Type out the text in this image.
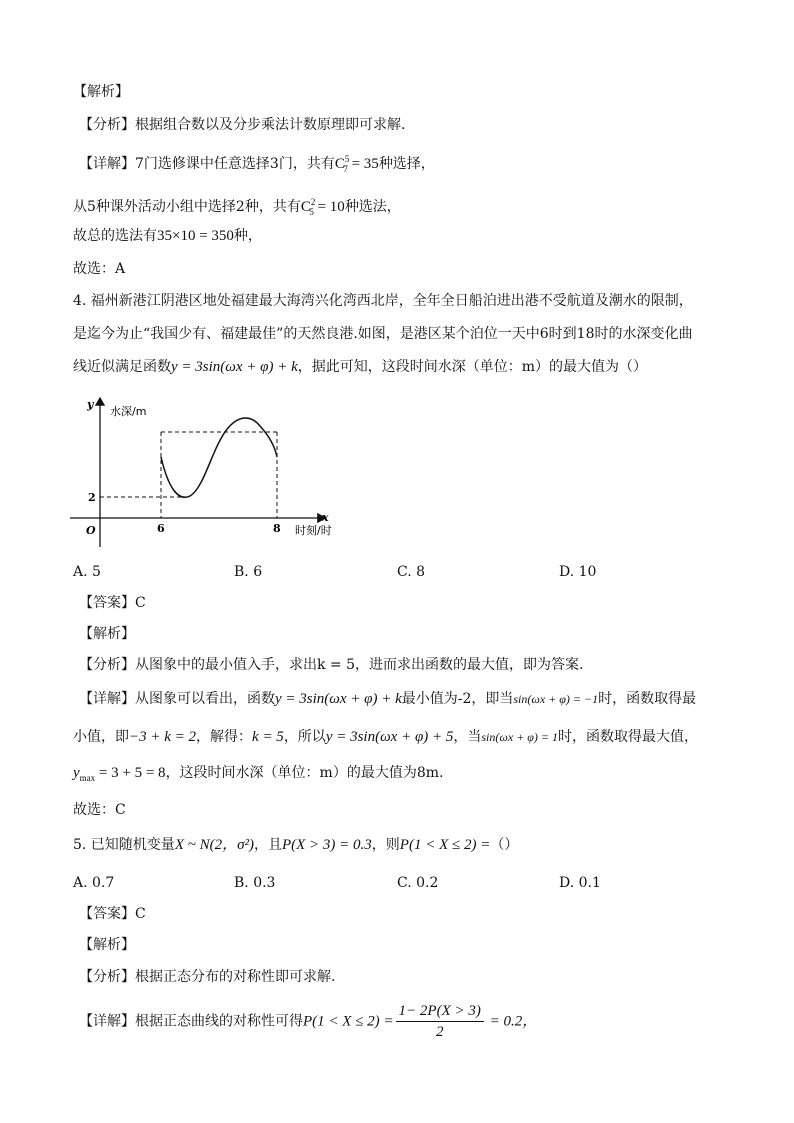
【解析】
【分析】根据组合数以及分步乘法计数原理即可求解.
【详解】7门选修课中任意选择3门，共有$C^5_7 = 35$种选择，
从5种课外活动小组中选择2种，共有$C^2_5 = 10$种选法，
故总的选法有35×10 = 350种，
故选：A
4. 福州新港江阴港区地处福建最大海湾兴化湾西北岸，全年全日船泊进出港不受航道及潮水的限制，
是迄今为止“我国少有、福建最佳”的天然良港.如图，是港区某个泊位一天中6时到18时的水深变化曲
线近似满足函数y = 3sin(ωx + φ) + k，据此可知，这段时间水深（单位：m）的最大值为（）
y
水深/m
x
时刻/时
O
2
6	8
A. 5	B. 6	C. 8	D. 10
【答案】C
【解析】
【分析】从图象中的最小值入手，求出k = 5，进而求出函数的最大值，即为答案.
【详解】从图象可以看出，函数y = 3sin(ωx + φ) + k最小值为-2，即当sin(ωx + φ) = −1时，函数取得最
小值，即−3 + k = 2，解得：k = 5，所以y = 3sin(ωx + φ) + 5，当sin(ωx + φ) = 1时，函数取得最大值，
$y_{max} = 3 + 5 = 8$，这段时间水深（单位：m）的最大值为8m.
故选：C
5. 已知随机变量X ~ N(2，σ²)，且P(X > 3) = 0.3，则P(1 < X ≤ 2) =（）
A. 0.7	B. 0.3	C. 0.2	D. 0.1
【答案】C
【解析】
【分析】根据正态分布的对称性即可求解.
【详解】根据正态曲线的对称性可得$P(1 < X \le 2) = \frac{1- 2P(X > 3)}{2} = 0.2$，
